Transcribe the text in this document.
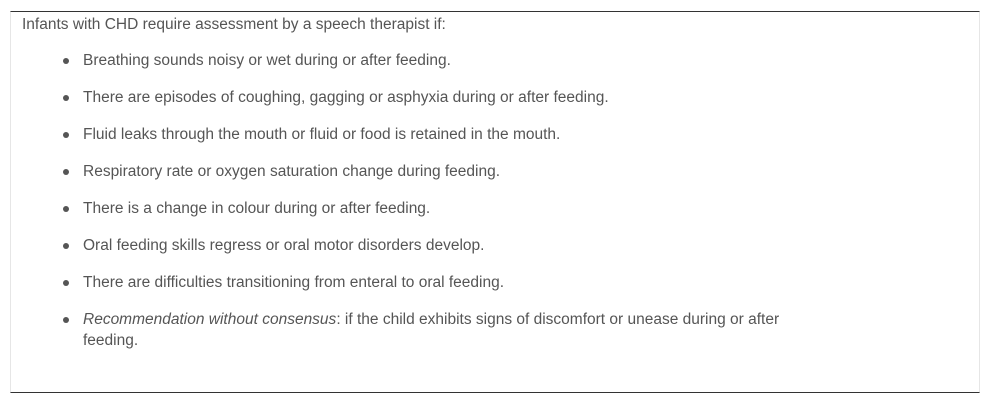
Infants with CHD require assessment by a speech therapist if:
Breathing sounds noisy or wet during or after feeding.
There are episodes of coughing, gagging or asphyxia during or after feeding.
Fluid leaks through the mouth or fluid or food is retained in the mouth.
Respiratory rate or oxygen saturation change during feeding.
There is a change in colour during or after feeding.
Oral feeding skills regress or oral motor disorders develop.
There are difficulties transitioning from enteral to oral feeding.
Recommendation without consensus: if the child exhibits signs of discomfort or unease during or after feeding.
